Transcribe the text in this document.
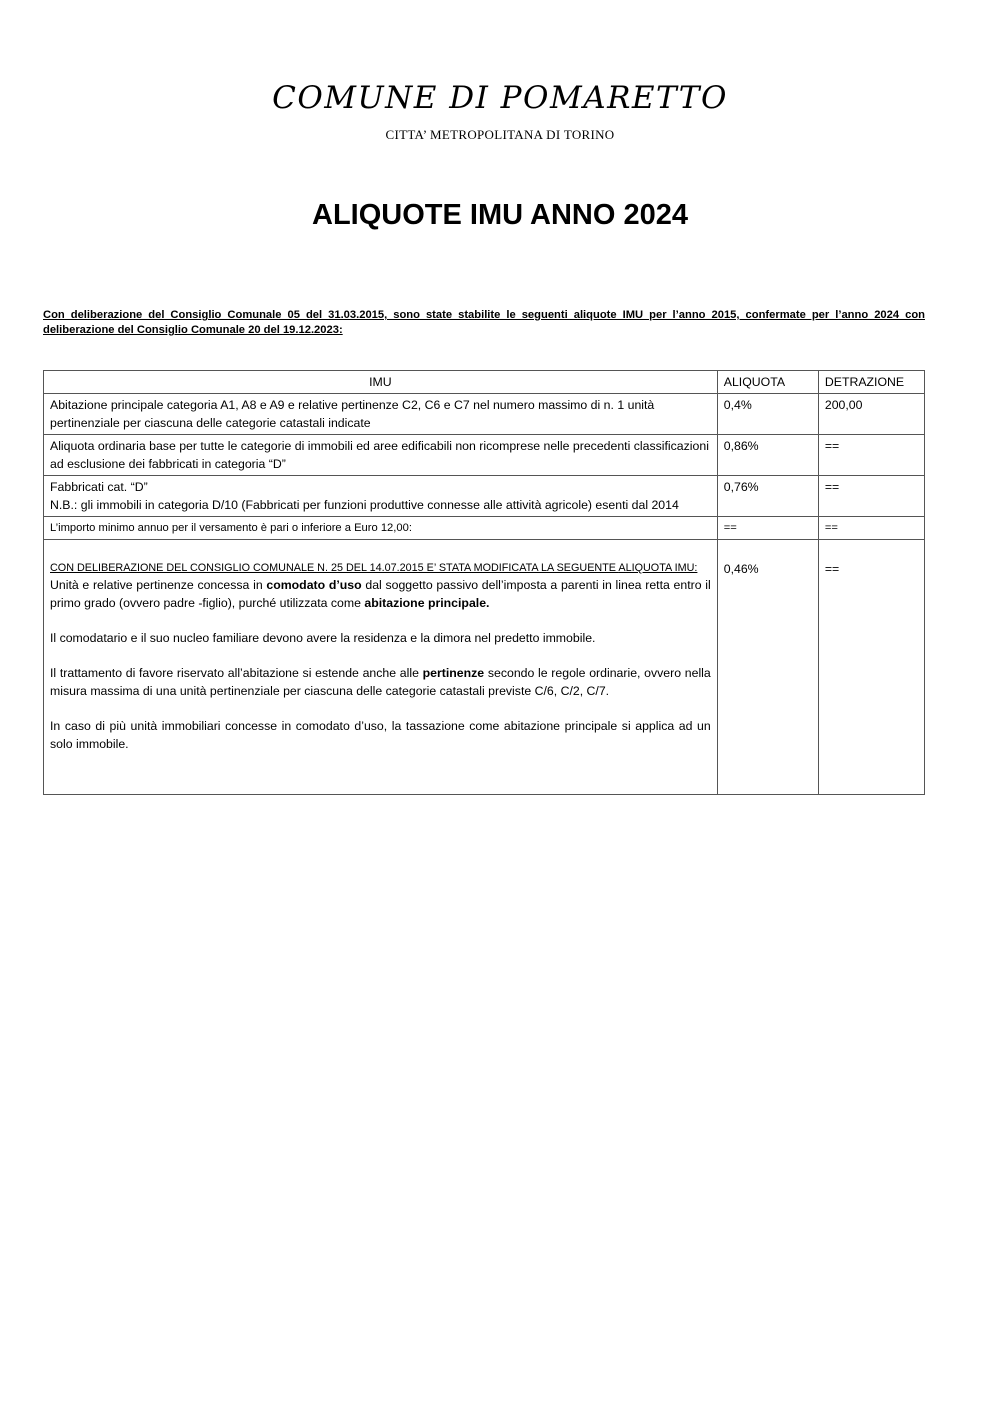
COMUNE DI POMARETTO
CITTA’ METROPOLITANA DI TORINO
ALIQUOTE IMU ANNO 2024
Con deliberazione del Consiglio Comunale 05 del 31.03.2015, sono state stabilite le seguenti aliquote IMU per l’anno 2015, confermate per l’anno 2024 con deliberazione del Consiglio Comunale 20 del 19.12.2023:
IMU	ALIQUOTA	DETRAZIONE
Abitazione principale categoria A1, A8 e A9 e relative pertinenze C2, C6 e C7 nel numero massimo di n. 1 unità pertinenziale per ciascuna delle categorie catastali indicate	0,4%	200,00
Aliquota ordinaria base per tutte le categorie di immobili ed aree edificabili non ricomprese nelle precedenti classificazioni ad esclusione dei fabbricati in categoria “D”	0,86%	==

Fabbricati cat. “D”
N.B.: gli immobili in categoria D/10 (Fabbricati per funzioni produttive connesse alle attività agricole) esenti dal 2014	0,76%	==
L’importo minimo annuo per il versamento è pari o inferiore a Euro 12,00:	==	==

CON DELIBERAZIONE DEL CONSIGLIO COMUNALE N. 25 DEL 14.07.2015 E’ STATA MODIFICATA LA SEGUENTE ALIQUOTA IMU:
Unità e relative pertinenze concessa in comodato d’uso dal soggetto passivo dell’imposta a parenti in linea retta entro il primo grado (ovvero padre -figlio), purché utilizzata come abitazione principale.
Il comodatario e il suo nucleo familiare devono avere la residenza e la dimora nel predetto immobile.
Il trattamento di favore riservato all’abitazione si estende anche alle pertinenze secondo le regole ordinarie, ovvero nella misura massima di una unità pertinenziale per ciascuna delle categorie catastali previste C/6, C/2, C/7.
In caso di più unità immobiliari concesse in comodato d’uso, la tassazione come abitazione principale si applica ad un solo immobile.	0,46%	==
